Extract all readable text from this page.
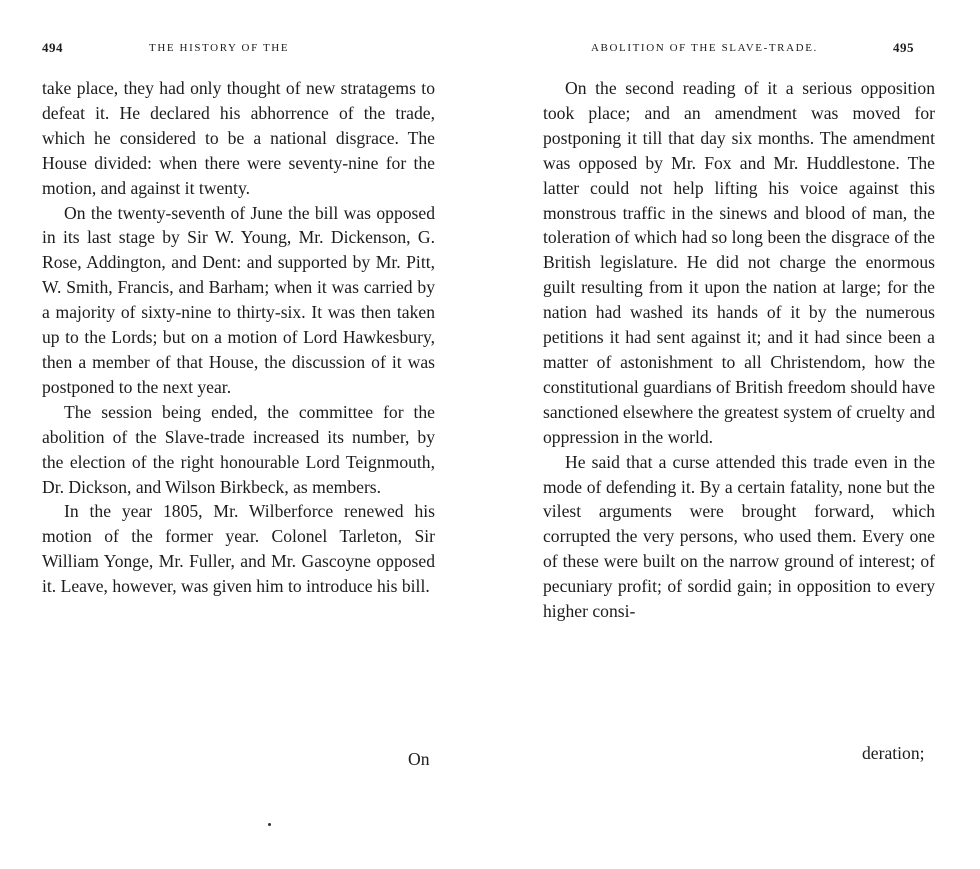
494	THE HISTORY OF THE

take place, they had only thought of new stratagems to defeat it. He declared his abhorrence of the trade, which he considered to be a national disgrace. The House divided: when there were seventy-nine for the motion, and against it twenty.

On the twenty-seventh of June the bill was opposed in its last stage by Sir W. Young, Mr. Dickenson, G. Rose, Addington, and Dent: and supported by Mr. Pitt, W. Smith, Francis, and Barham; when it was carried by a majority of sixty-nine to thirty-six. It was then taken up to the Lords; but on a motion of Lord Hawkesbury, then a member of that House, the discussion of it was postponed to the next year.

The session being ended, the committee for the abolition of the Slave-trade increased its number, by the election of the right honourable Lord Teignmouth, Dr. Dickson, and Wilson Birkbeck, as members.

In the year 1805, Mr. Wilberforce renewed his motion of the former year. Colonel Tarleton, Sir William Yonge, Mr. Fuller, and Mr. Gascoyne opposed it. Leave, however, was given him to introduce his bill.

On
ABOLITION OF THE SLAVE-TRADE.	495

On the second reading of it a serious opposition took place; and an amendment was moved for postponing it till that day six months. The amendment was opposed by Mr. Fox and Mr. Huddlestone. The latter could not help lifting his voice against this monstrous traffic in the sinews and blood of man, the toleration of which had so long been the disgrace of the British legislature. He did not charge the enormous guilt resulting from it upon the nation at large; for the nation had washed its hands of it by the numerous petitions it had sent against it; and it had since been a matter of astonishment to all Christendom, how the constitutional guardians of British freedom should have sanctioned elsewhere the greatest system of cruelty and oppression in the world.

He said that a curse attended this trade even in the mode of defending it. By a certain fatality, none but the vilest arguments were brought forward, which corrupted the very persons, who used them. Every one of these were built on the narrow ground of interest; of pecuniary profit; of sordid gain; in opposition to every higher consi-

deration;
